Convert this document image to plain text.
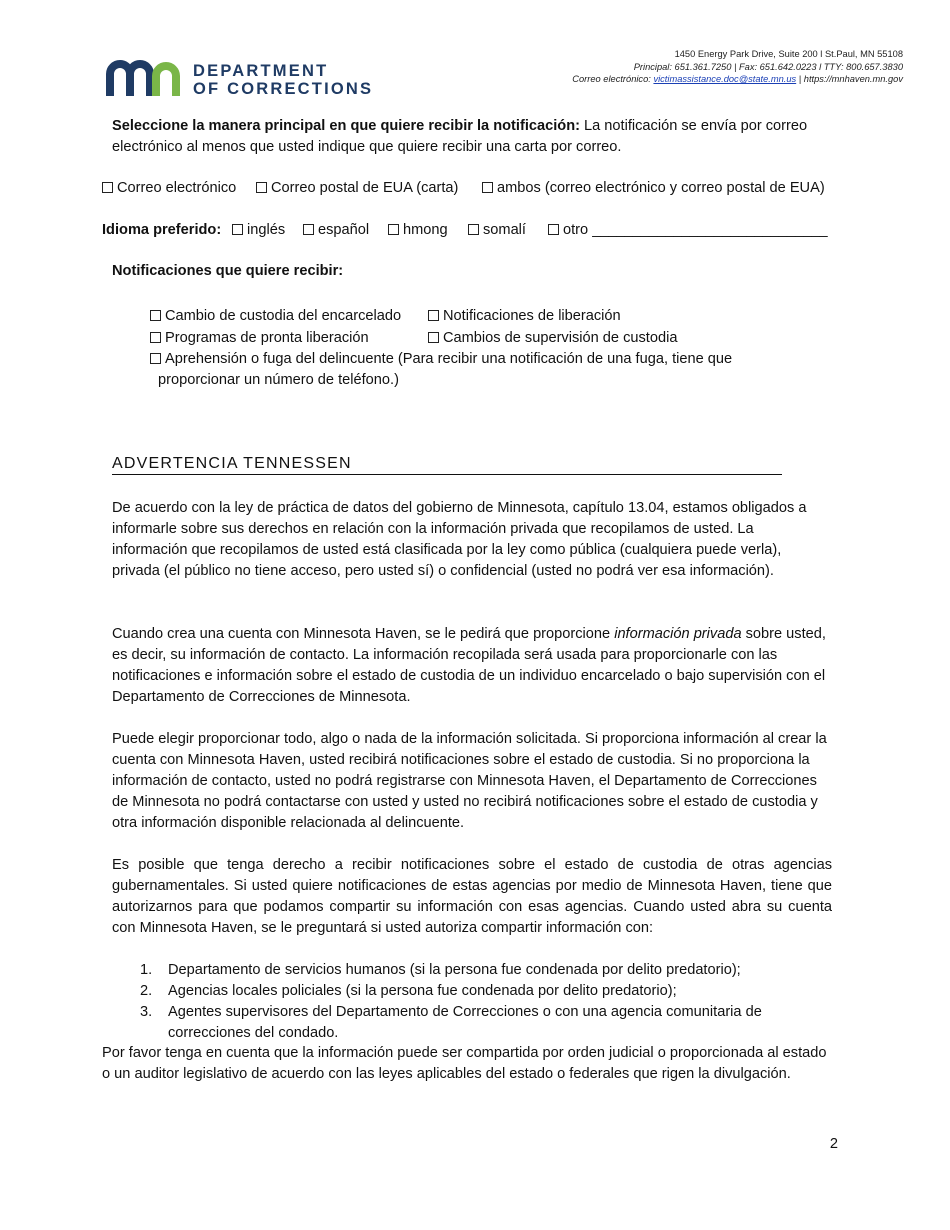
DEPARTMENT
OF CORRECTIONS
1450 Energy Park Drive, Suite 200 l St.Paul, MN 55108
Principal: 651.361.7250 | Fax: 651.642.0223 l TTY: 800.657.3830
Correo electrónico: victimassistance.doc@state.mn.us | https://mnhaven.mn.gov
Seleccione la manera principal en que quiere recibir la notificación: La notificación se envía por correo
electrónico al menos que usted indique que quiere recibir una carta por correo.
Correo electrónico	Correo postal de EUA (carta)	ambos (correo electrónico y correo postal de EUA)
Idioma preferido:	inglés	español	hmong	somalí	otro _____________________________
Notificaciones que quiere recibir:
Cambio de custodia del encarcelado	Notificaciones de liberación
Programas de pronta liberación	Cambios de supervisión de custodia
Aprehensión o fuga del delincuente (Para recibir una notificación de una fuga, tiene que
proporcionar un número de teléfono.)
ADVERTENCIA TENNESSEN
De acuerdo con la ley de práctica de datos del gobierno de Minnesota, capítulo 13.04, estamos obligados a informarle sobre sus derechos en relación con la información privada que recopilamos de usted. La información que recopilamos de usted está clasificada por la ley como pública (cualquiera puede verla), privada (el público no tiene acceso, pero usted sí) o confidencial (usted no podrá ver esa información).
Cuando crea una cuenta con Minnesota Haven, se le pedirá que proporcione información privada sobre usted, es decir, su información de contacto. La información recopilada será usada para proporcionarle con las notificaciones e información sobre el estado de custodia de un individuo encarcelado o bajo supervisión con el Departamento de Correcciones de Minnesota.
Puede elegir proporcionar todo, algo o nada de la información solicitada. Si proporciona información al crear la cuenta con Minnesota Haven, usted recibirá notificaciones sobre el estado de custodia. Si no proporciona la información de contacto, usted no podrá registrarse con Minnesota Haven, el Departamento de Correcciones de Minnesota no podrá contactarse con usted y usted no recibirá notificaciones sobre el estado de custodia y otra información disponible relacionada al delincuente.
Es posible que tenga derecho a recibir notificaciones sobre el estado de custodia de otras agencias gubernamentales. Si usted quiere notificaciones de estas agencias por medio de Minnesota Haven, tiene que autorizarnos para que podamos compartir su información con esas agencias. Cuando usted abra su cuenta con Minnesota Haven, se le preguntará si usted autoriza compartir información con:
1. Departamento de servicios humanos (si la persona fue condenada por delito predatorio);
2. Agencias locales policiales (si la persona fue condenada por delito predatorio);
3. Agentes supervisores del Departamento de Correcciones o con una agencia comunitaria de correcciones del condado.
Por favor tenga en cuenta que la información puede ser compartida por orden judicial o proporcionada al estado o un auditor legislativo de acuerdo con las leyes aplicables del estado o federales que rigen la divulgación.
2
